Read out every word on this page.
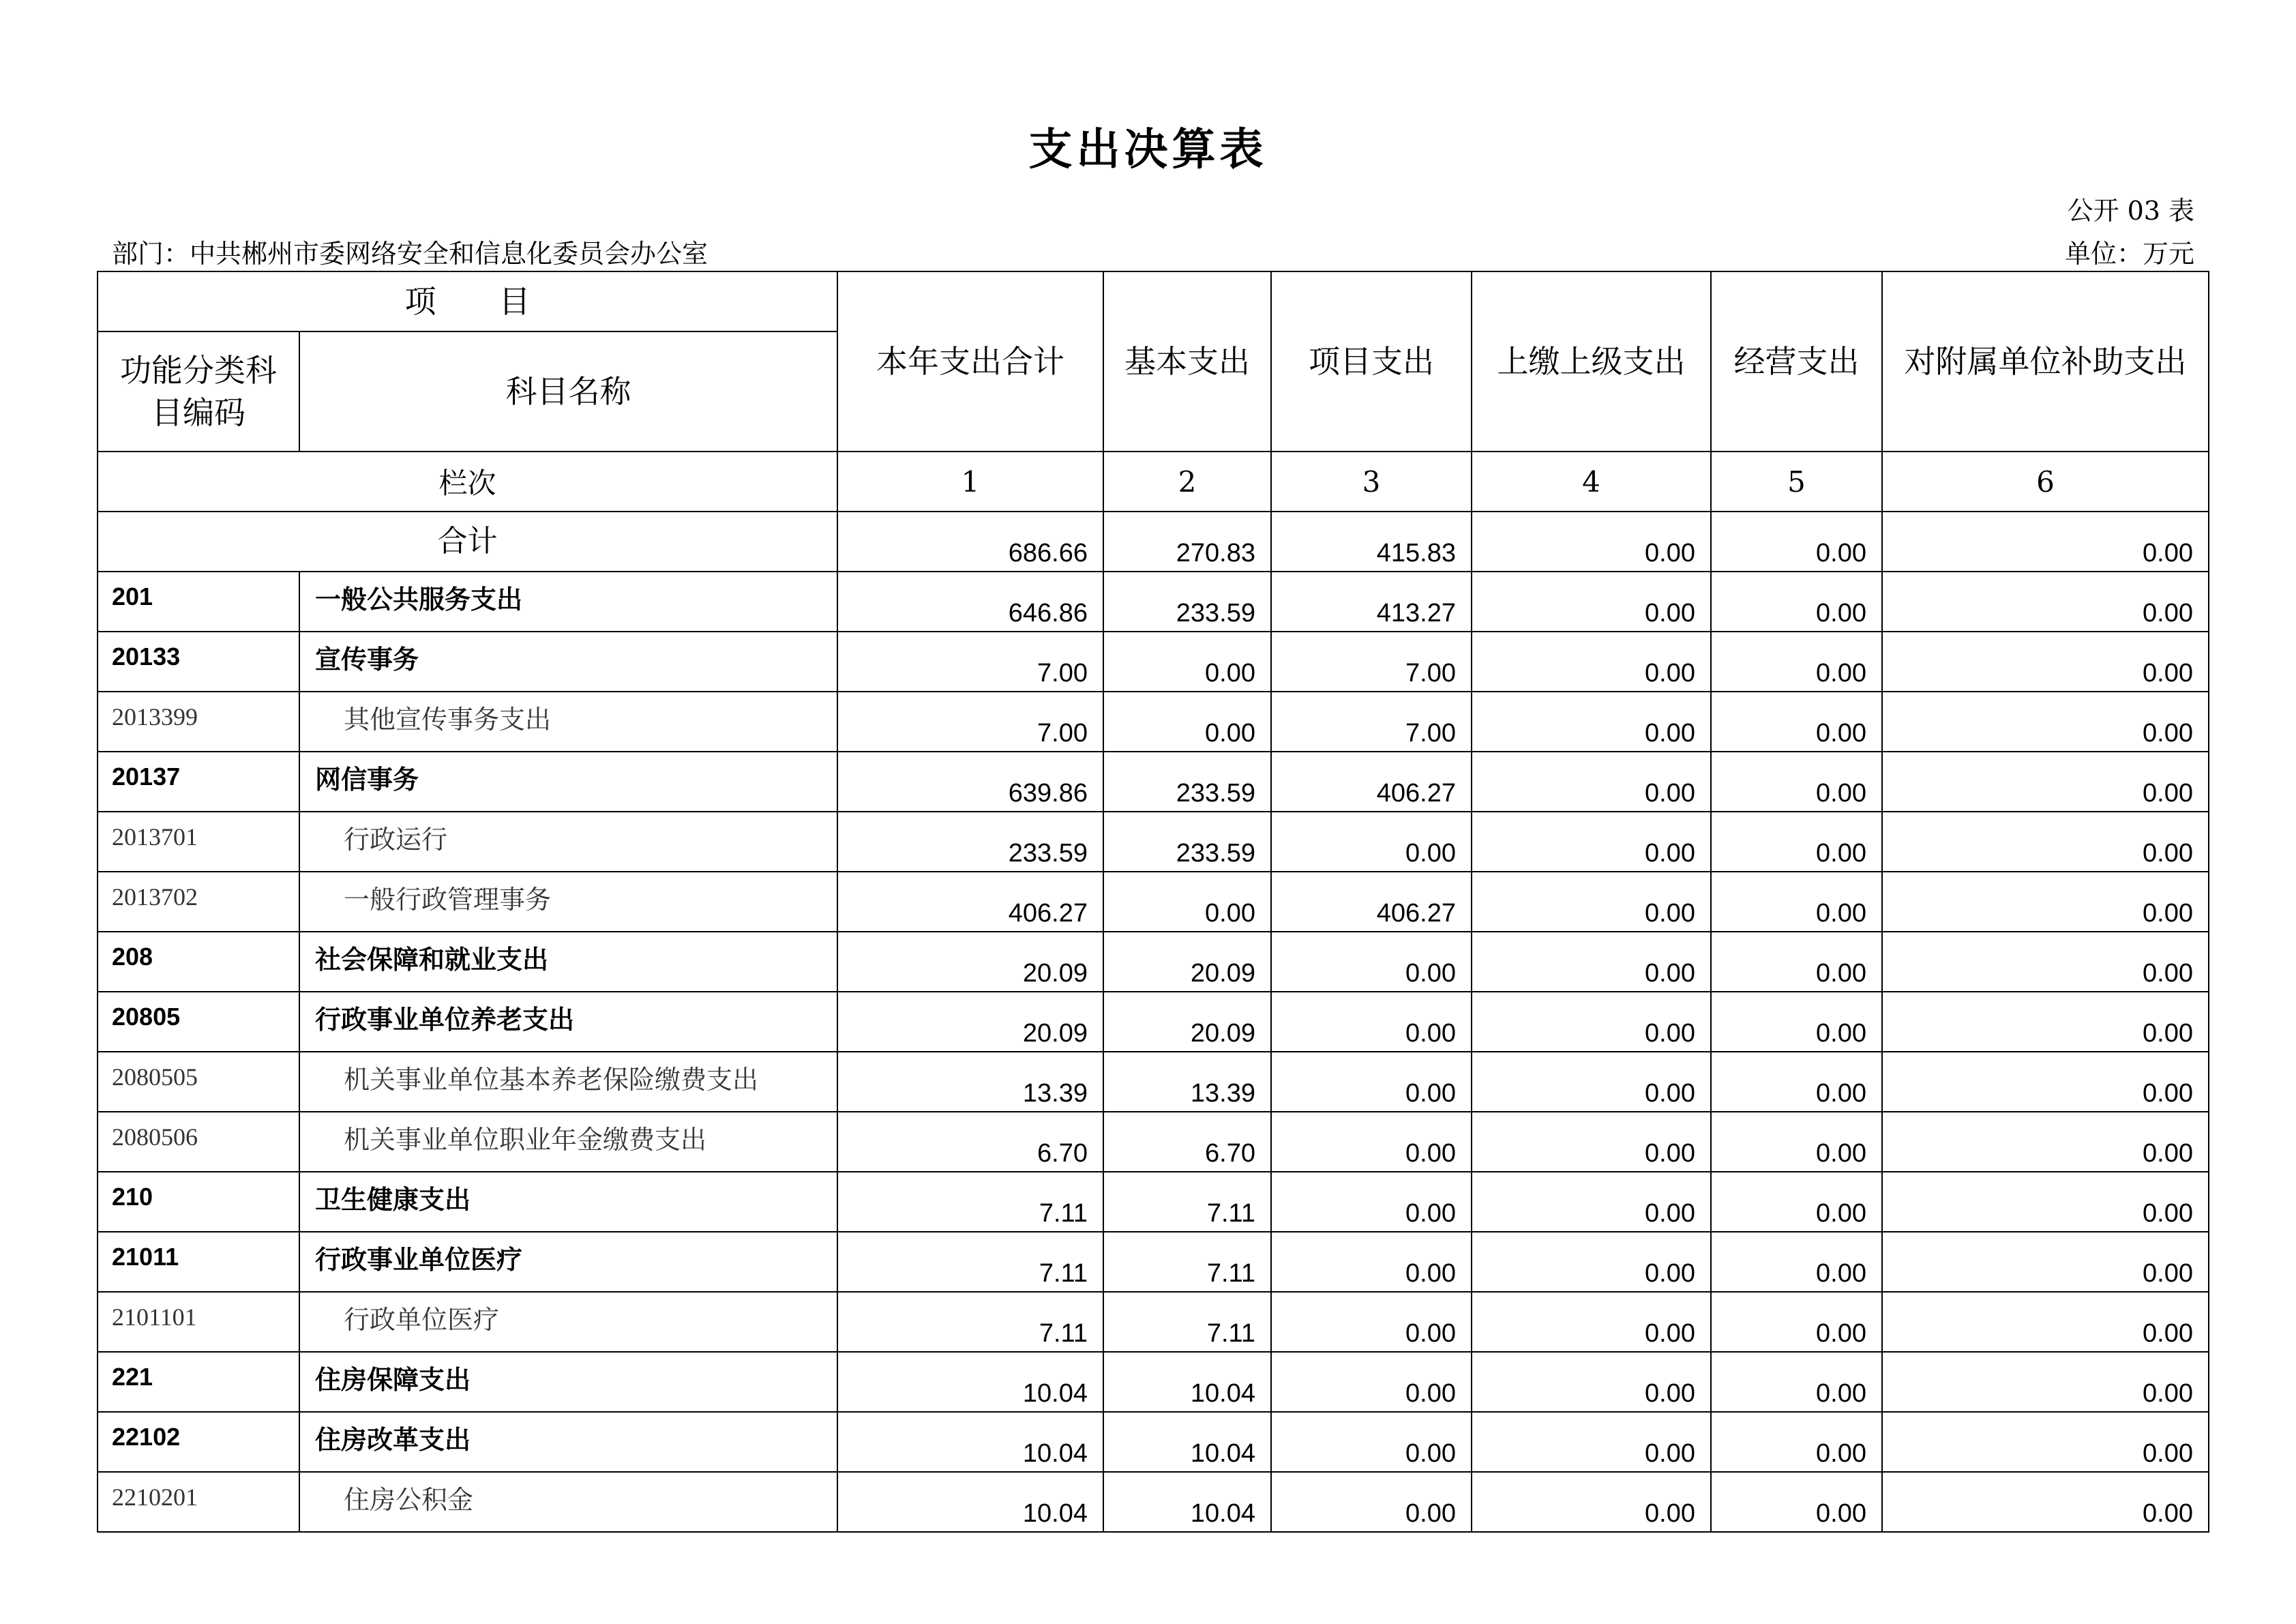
支出决算表
公开 03 表
部门：中共郴州市委网络安全和信息化委员会办公室	单位：万元
项　　目		本年支出合计	基本支出	项目支出	上缴上级支出	经营支出	对附属单位补助支出
功能分类科目编码	科目名称						
栏次		1	2	3	4	5	6
合计		686.66	270.83	415.83	0.00	0.00	0.00
201	一般公共服务支出	646.86	233.59	413.27	0.00	0.00	0.00
20133	宣传事务	7.00	0.00	7.00	0.00	0.00	0.00
2013399	其他宣传事务支出	7.00	0.00	7.00	0.00	0.00	0.00
20137	网信事务	639.86	233.59	406.27	0.00	0.00	0.00
2013701	行政运行	233.59	233.59	0.00	0.00	0.00	0.00
2013702	一般行政管理事务	406.27	0.00	406.27	0.00	0.00	0.00
208	社会保障和就业支出	20.09	20.09	0.00	0.00	0.00	0.00
20805	行政事业单位养老支出	20.09	20.09	0.00	0.00	0.00	0.00
2080505	机关事业单位基本养老保险缴费支出	13.39	13.39	0.00	0.00	0.00	0.00
2080506	机关事业单位职业年金缴费支出	6.70	6.70	0.00	0.00	0.00	0.00
210	卫生健康支出	7.11	7.11	0.00	0.00	0.00	0.00
21011	行政事业单位医疗	7.11	7.11	0.00	0.00	0.00	0.00
2101101	行政单位医疗	7.11	7.11	0.00	0.00	0.00	0.00
221	住房保障支出	10.04	10.04	0.00	0.00	0.00	0.00
22102	住房改革支出	10.04	10.04	0.00	0.00	0.00	0.00
2210201	住房公积金	10.04	10.04	0.00	0.00	0.00	0.00
